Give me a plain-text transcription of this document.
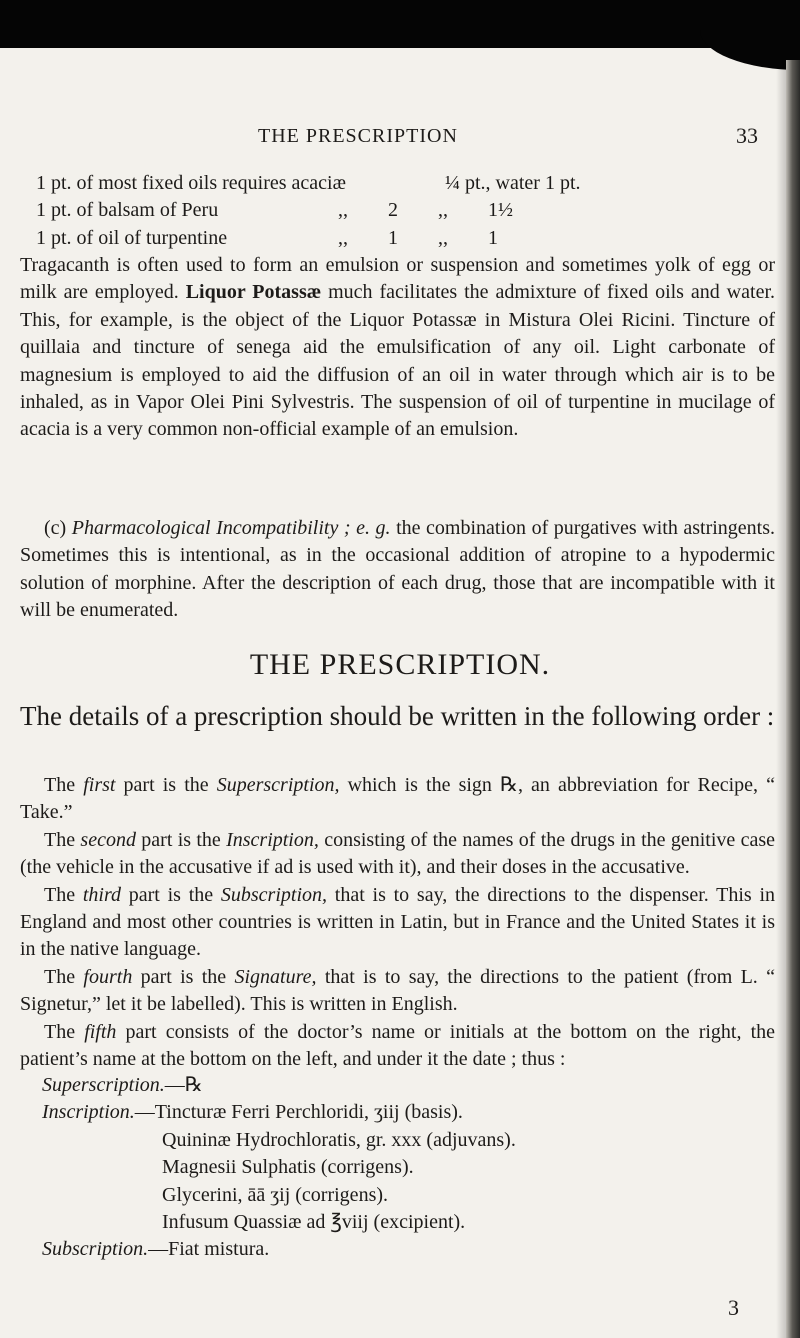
THE PRESCRIPTION	33
1 pt. of most fixed oils requires acaciæ	¼ pt., water 1 pt.
1 pt. of balsam of Peru	,, 2 ,, 1½
1 pt. of oil of turpentine	,, 1 ,, 1

Tragacanth is often used to form an emulsion or suspension and sometimes yolk of egg or milk are employed. Liquor Potassæ much facilitates the admixture of fixed oils and water. This, for example, is the object of the Liquor Potassæ in Mistura Olei Ricini. Tincture of quillaia and tincture of senega aid the emulsification of any oil. Light carbonate of magnesium is employed to aid the diffusion of an oil in water through which air is to be inhaled, as in Vapor Olei Pini Sylvestris. The suspension of oil of turpentine in mucilage of acacia is a very common non-official example of an emulsion.

(c) Pharmacological Incompatibility ; e. g. the combination of purgatives with astringents. Sometimes this is intentional, as in the occasional addition of atropine to a hypodermic solution of morphine. After the description of each drug, those that are incompatible with it will be enumerated.

THE PRESCRIPTION.
The details of a prescription should be written in the following order :

The first part is the Superscription, which is the sign ℞, an abbreviation for Recipe, “ Take.”

The second part is the Inscription, consisting of the names of the drugs in the genitive case (the vehicle in the accusative if ad is used with it), and their doses in the accusative.

The third part is the Subscription, that is to say, the directions to the dispenser. This in England and most other countries is written in Latin, but in France and the United States it is in the native language.

The fourth part is the Signature, that is to say, the directions to the patient (from L. “ Signetur,” let it be labelled). This is written in English.

The fifth part consists of the doctor’s name or initials at the bottom on the right, the patient’s name at the bottom on the left, and under it the date ; thus :

Superscription.—℞
Inscription.—Tincturæ Ferri Perchloridi, ʒiij (basis).
Quininæ Hydrochloratis, gr. xxx (adjuvans).
Magnesii Sulphatis (corrigens).
Glycerini, āā ʒij (corrigens).
Infusum Quassiæ ad ℥viij (excipient).
Subscription.—Fiat mistura.
3
